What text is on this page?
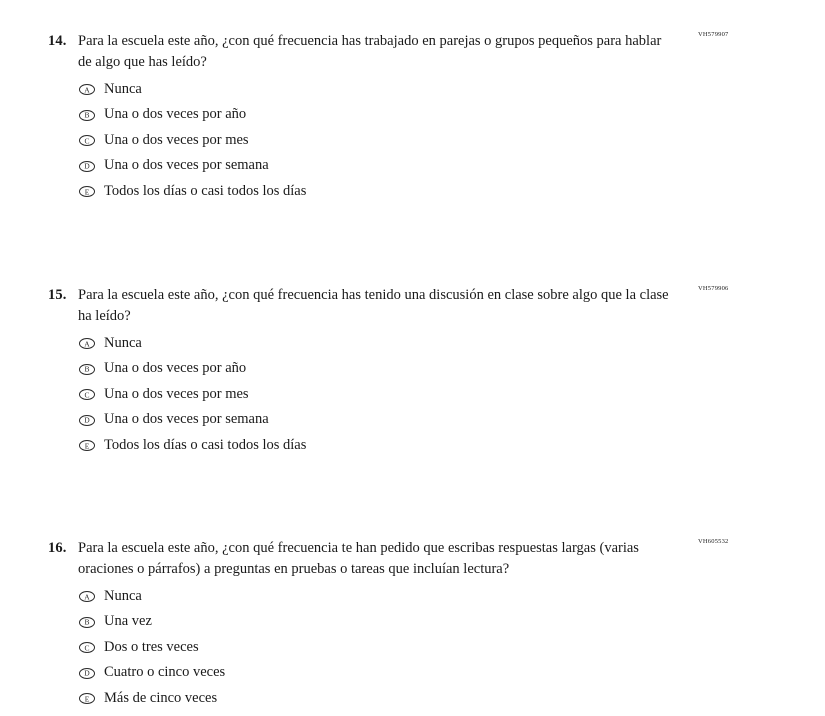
VH579907
14. Para la escuela este año, ¿con qué frecuencia has trabajado en parejas o grupos pequeños para hablar de algo que has leído?
A Nunca
B Una o dos veces por año
C Una o dos veces por mes
D Una o dos veces por semana
E Todos los días o casi todos los días
VH579906
15. Para la escuela este año, ¿con qué frecuencia has tenido una discusión en clase sobre algo que la clase ha leído?
A Nunca
B Una o dos veces por año
C Una o dos veces por mes
D Una o dos veces por semana
E Todos los días o casi todos los días
VH605532
16. Para la escuela este año, ¿con qué frecuencia te han pedido que escribas respuestas largas (varias oraciones o párrafos) a preguntas en pruebas o tareas que incluían lectura?
A Nunca
B Una vez
C Dos o tres veces
D Cuatro o cinco veces
E Más de cinco veces
